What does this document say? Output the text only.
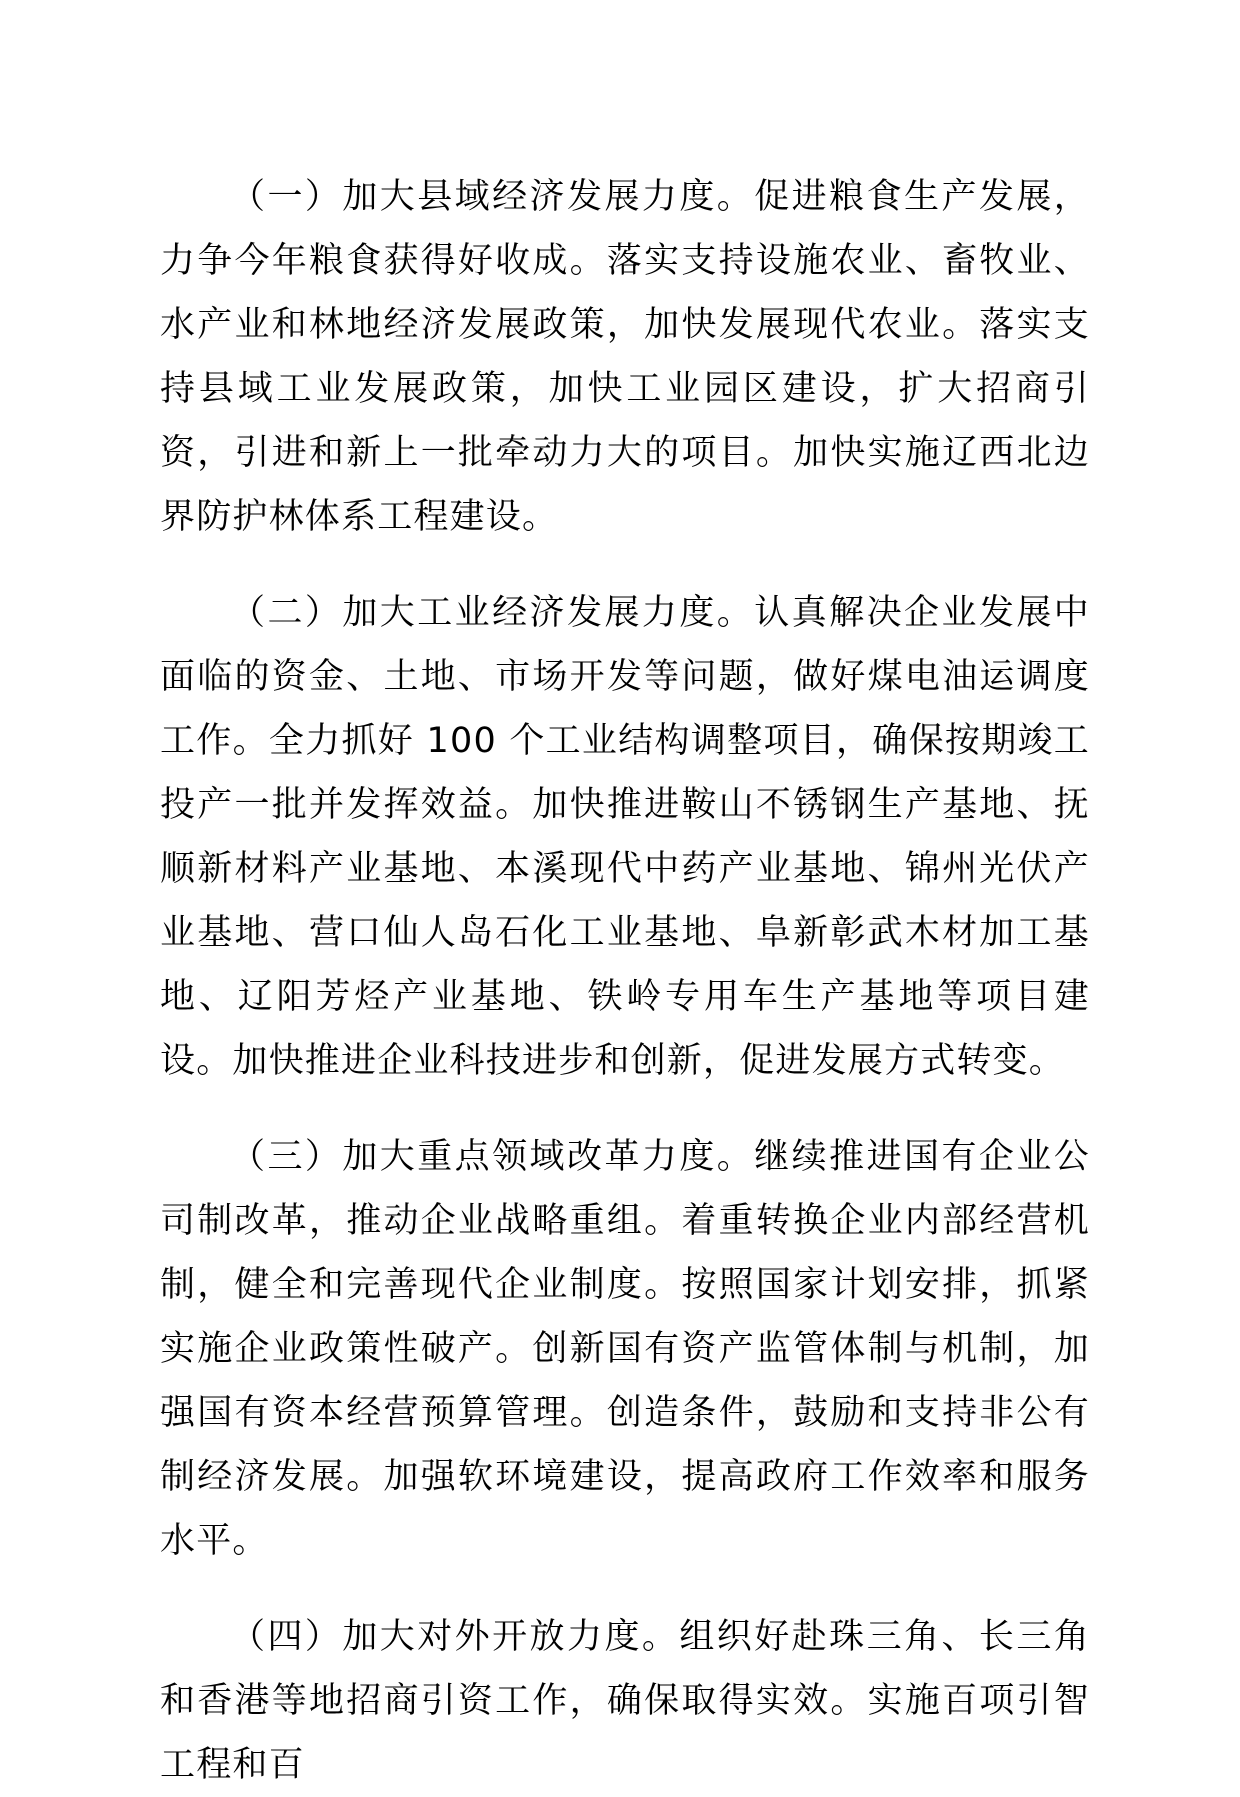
（一）加大县域经济发展力度。促进粮食生产发展，力争今年粮食获得好收成。落实支持设施农业、畜牧业、水产业和林地经济发展政策，加快发展现代农业。落实支持县域工业发展政策，加快工业园区建设，扩大招商引资，引进和新上一批牵动力大的项目。加快实施辽西北边界防护林体系工程建设。

（二）加大工业经济发展力度。认真解决企业发展中面临的资金、土地、市场开发等问题，做好煤电油运调度工作。全力抓好 100 个工业结构调整项目，确保按期竣工投产一批并发挥效益。加快推进鞍山不锈钢生产基地、抚顺新材料产业基地、本溪现代中药产业基地、锦州光伏产业基地、营口仙人岛石化工业基地、阜新彰武木材加工基地、辽阳芳烃产业基地、铁岭专用车生产基地等项目建设。加快推进企业科技进步和创新，促进发展方式转变。

（三）加大重点领域改革力度。继续推进国有企业公司制改革，推动企业战略重组。着重转换企业内部经营机制，健全和完善现代企业制度。按照国家计划安排，抓紧实施企业政策性破产。创新国有资产监管体制与机制，加强国有资本经营预算管理。创造条件，鼓励和支持非公有制经济发展。加强软环境建设，提高政府工作效率和服务水平。

（四）加大对外开放力度。组织好赴珠三角、长三角和香港等地招商引资工作，确保取得实效。实施百项引智工程和百
